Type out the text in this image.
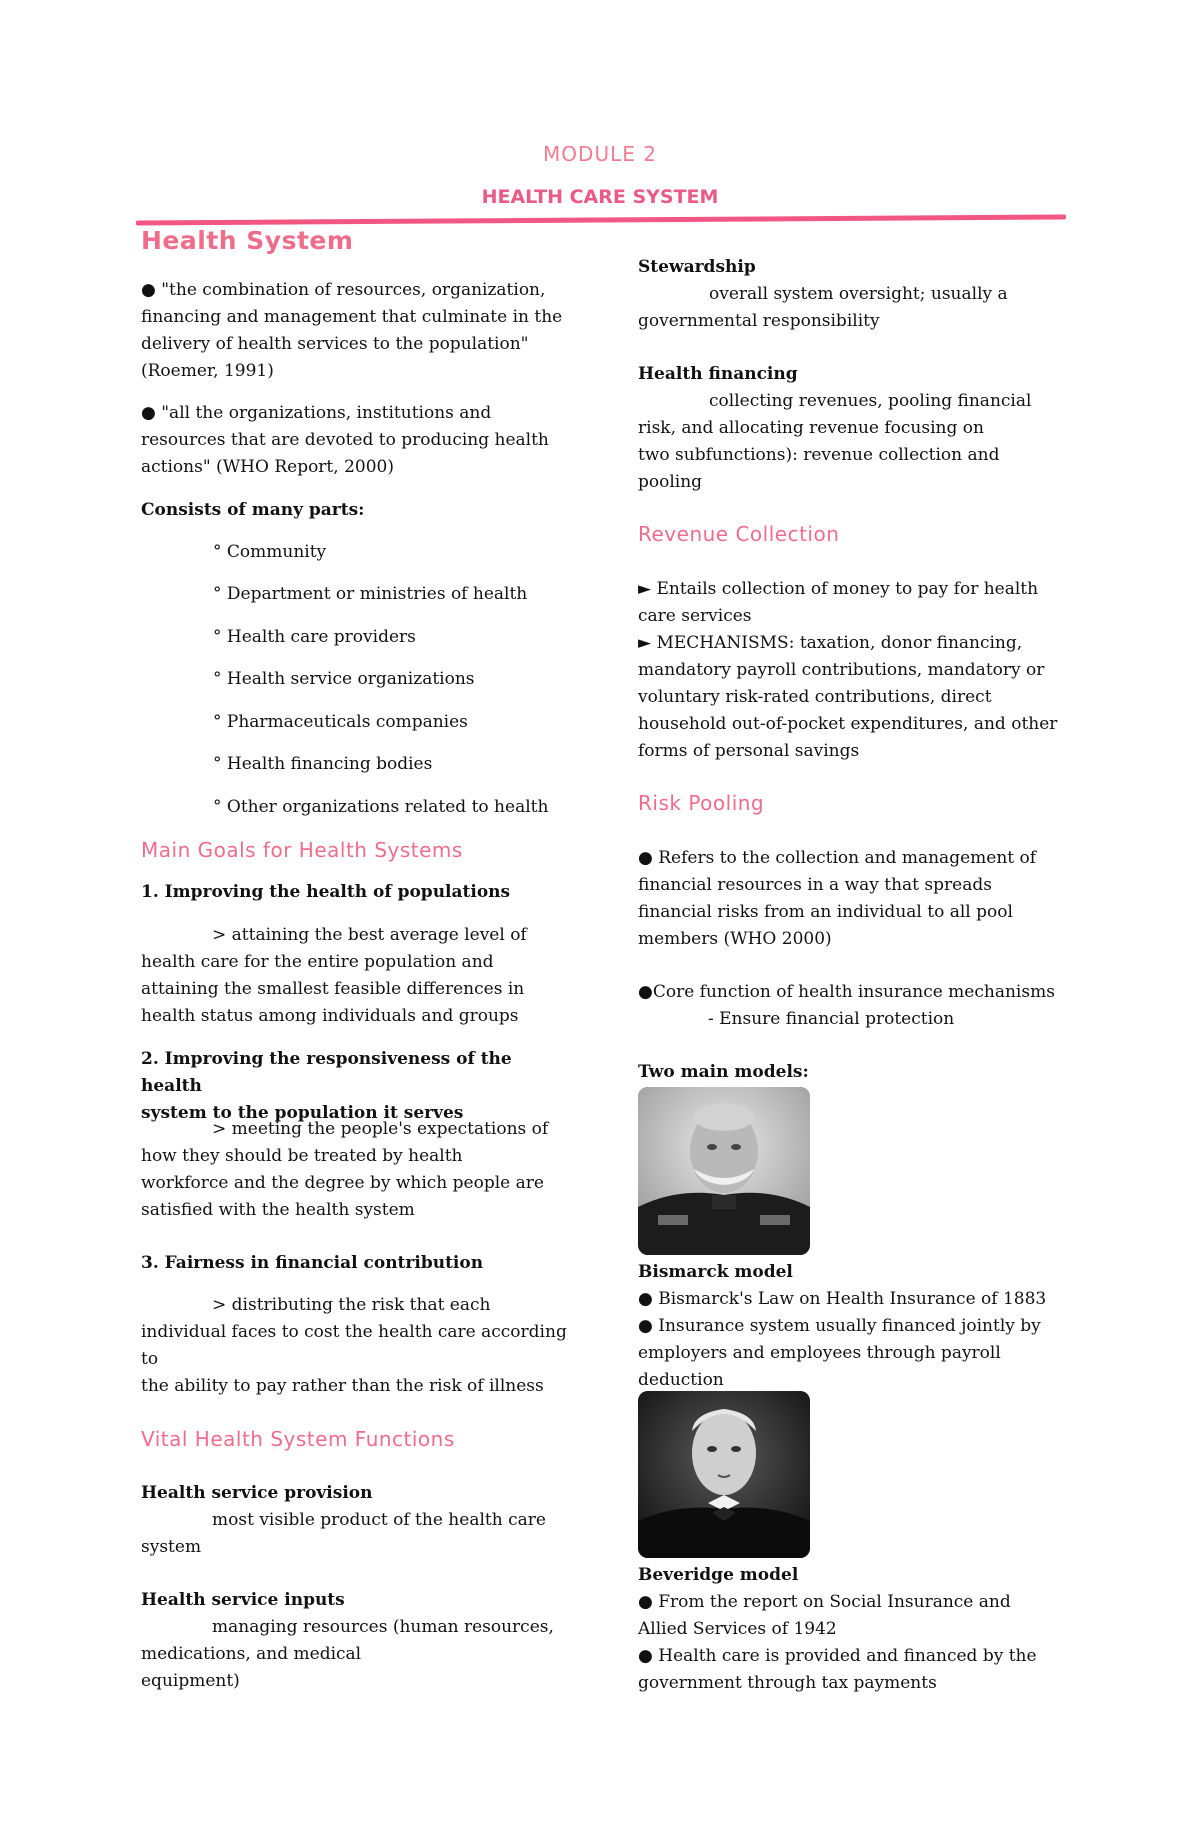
MODULE 2
HEALTH CARE SYSTEM
Health System

● "the combination of resources, organization,

financing and management that culminate in the

delivery of health services to the population"

(Roemer, 1991)

● "all the organizations, institutions and

resources that are devoted to producing health

actions" (WHO Report, 2000)

Consists of many parts:
° Community
° Department or ministries of health
° Health care providers
° Health service organizations
° Pharmaceuticals companies
° Health financing bodies
° Other organizations related to health
Main Goals for Health Systems
1. Improving the health of populations

> attaining the best average level of

health care for the entire population and

attaining the smallest feasible differences in

health status among individuals and groups

2. Improving the responsiveness of the health

system to the population it serves

> meeting the people's expectations of

how they should be treated by health

workforce and the degree by which people are

satisfied with the health system

3. Fairness in financial contribution

> distributing the risk that each

individual faces to cost the health care according

to

the ability to pay rather than the risk of illness

Vital Health System Functions

Health service provision

most visible product of the health care

system

Health service inputs

managing resources (human resources,

medications, and medical

equipment)

Stewardship

overall system oversight; usually a

governmental responsibility

Health financing

collecting revenues, pooling financial

risk, and allocating revenue focusing on

two subfunctions): revenue collection and

pooling

Revenue Collection

► Entails collection of money to pay for health

care services

► MECHANISMS: taxation, donor financing,

mandatory payroll contributions, mandatory or

voluntary risk-rated contributions, direct

household out-of-pocket expenditures, and other

forms of personal savings

Risk Pooling

● Refers to the collection and management of

financial resources in a way that spreads

financial risks from an individual to all pool

members (WHO 2000)

●Core function of health insurance mechanisms

- Ensure financial protection

Two main models:

Bismarck model

● Bismarck's Law on Health Insurance of 1883

● Insurance system usually financed jointly by

employers and employees through payroll

deduction

Beveridge model

● From the report on Social Insurance and

Allied Services of 1942

● Health care is provided and financed by the

government through tax payments
